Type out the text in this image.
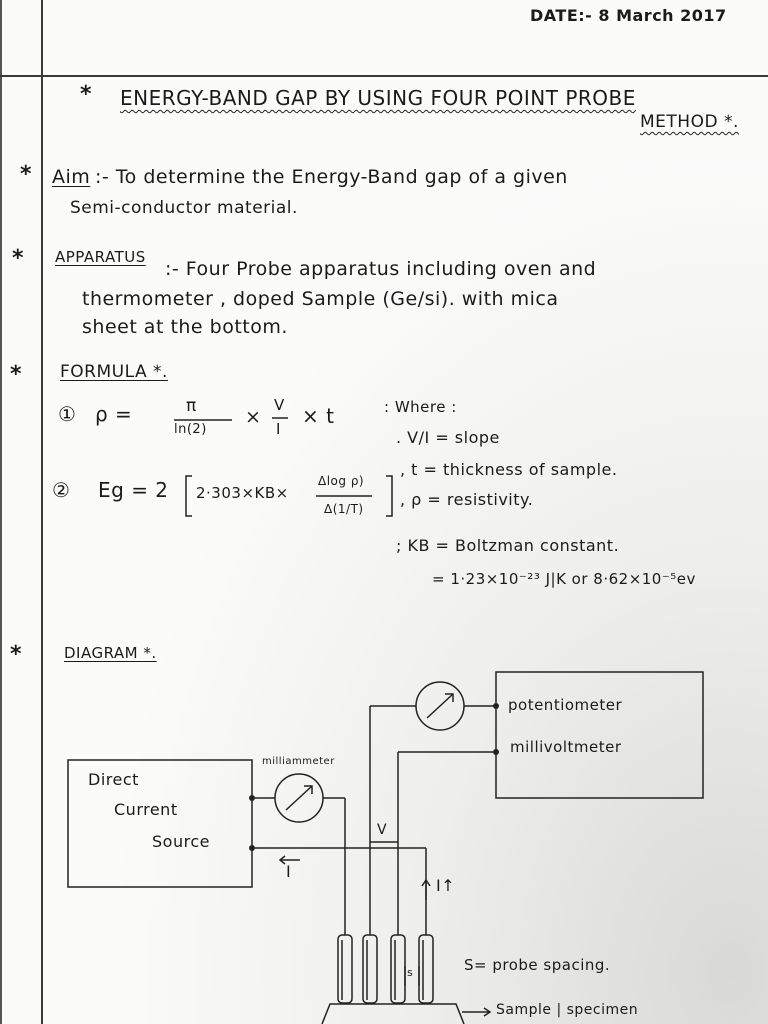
DATE:- 8 March 2017
* ENERGY-BAND GAP BY USING FOUR POINT PROBE
METHOD *.
* Aim :- To determine the Energy-Band gap of a given
Semi-conductor material.
* APPARATUS
:- Four Probe apparatus including oven and
thermometer , doped Sample (Ge/si). with mica
sheet at the bottom.
* FORMULA *.
① ρ =	π
ln(2)
×
V
I
× t
② Eg = 2 2·303×KB×
Δlog ρ)
Δ(1/T)
: Where :
. V/I = slope
, t = thickness of sample.
, ρ = resistivity.
; KB = Boltzman constant.
= 1·23×10⁻²³ J|K or 8·62×10⁻⁵ev
*	DIAGRAM *.
Direct
Current
Source
milliammeter
potentiometer
millivoltmeter
V
I
I↑
s	S= probe spacing.
Sample | specimen
